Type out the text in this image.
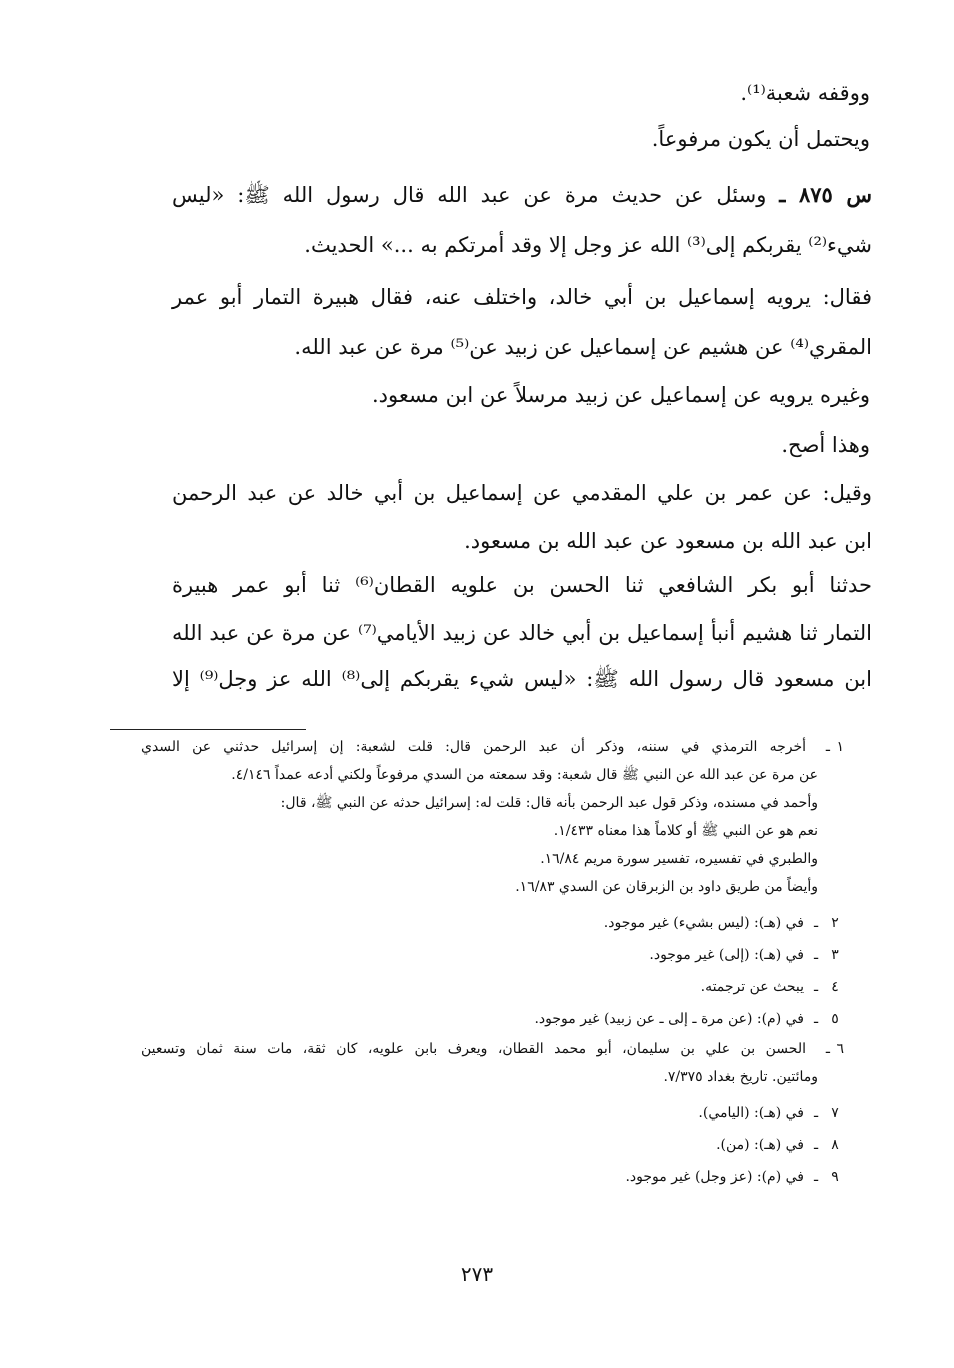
ووقفه شعبة⁽¹⁾.
ويحتمل أن يكون مرفوعاً.
س ٨٧٥ ـ وسئل عن حديث مرة عن عبد الله قال رسول الله ﷺ: «ليس
شيء⁽²⁾ يقربكم إلى⁽³⁾ الله عز وجل إلا وقد أمرتكم به ...» الحديث.
فقال: يرويه إسماعيل بن أبي خالد، واختلف عنه، فقال هبيرة التمار أبو عمر
المقري⁽⁴⁾ عن هشيم عن إسماعيل عن زبيد عن⁽⁵⁾ مرة عن عبد الله.
وغيره يرويه عن إسماعيل عن زبيد مرسلاً عن ابن مسعود.
وهذا أصح.
وقيل: عن عمر بن علي المقدمي عن إسماعيل بن أبي خالد عن عبد الرحمن
ابن عبد الله بن مسعود عن عبد الله بن مسعود.
حدثنا أبو بكر الشافعي ثنا الحسن بن علويه القطان⁽⁶⁾ ثنا أبو عمر هبيرة
التمار ثنا هشيم أنبأ إسماعيل بن أبي خالد عن زبيد الأيامي⁽⁷⁾ عن مرة عن عبد الله
ابن مسعود قال رسول الله ﷺ: «ليس شيء يقربكم إلى⁽⁸⁾ الله عز وجل⁽⁹⁾ إلا
١ـأخرجه الترمذي في سننه، وذكر أن عبد الرحمن قال: قلت لشعبة: إن إسرائيل حدثني عن السدي
عن مرة عن عبد الله عن النبي ﷺ قال شعبة: وقد سمعته من السدي مرفوعاً ولكني أدعه عمداً ٤/١٤٦.
وأحمد في مسنده، وذكر قول عبد الرحمن بأنه قال: قلت له: إسرائيل حدثه عن النبي ﷺ، قال:
نعم هو عن النبي ﷺ أو كلاماً هذا معناه ١/٤٣٣.
والطبري في تفسيره، تفسير سورة مريم ١٦/٨٤.
وأيضاً من طريق داود بن الزبرقان عن السدي ١٦/٨٣.
٢ـفي (هـ): (ليس بشيء) غير موجود.
٣ـفي (هـ): (إلى) غير موجود.
٤ـيبحث عن ترجمته.
٥ـفي (م): (عن مرة ـ إلى ـ عن زبيد) غير موجود.
٦ـالحسن بن علي بن سليمان، أبو محمد القطان، ويعرف بابن علويه، كان ثقة، مات سنة ثمان وتسعين
ومائتين. تاريخ بغداد ٧/٣٧٥.
٧ـفي (هـ): (اليامي).
٨ـفي (هـ): (من).
٩ـفي (م): (عز وجل) غير موجود.
٢٧٣
